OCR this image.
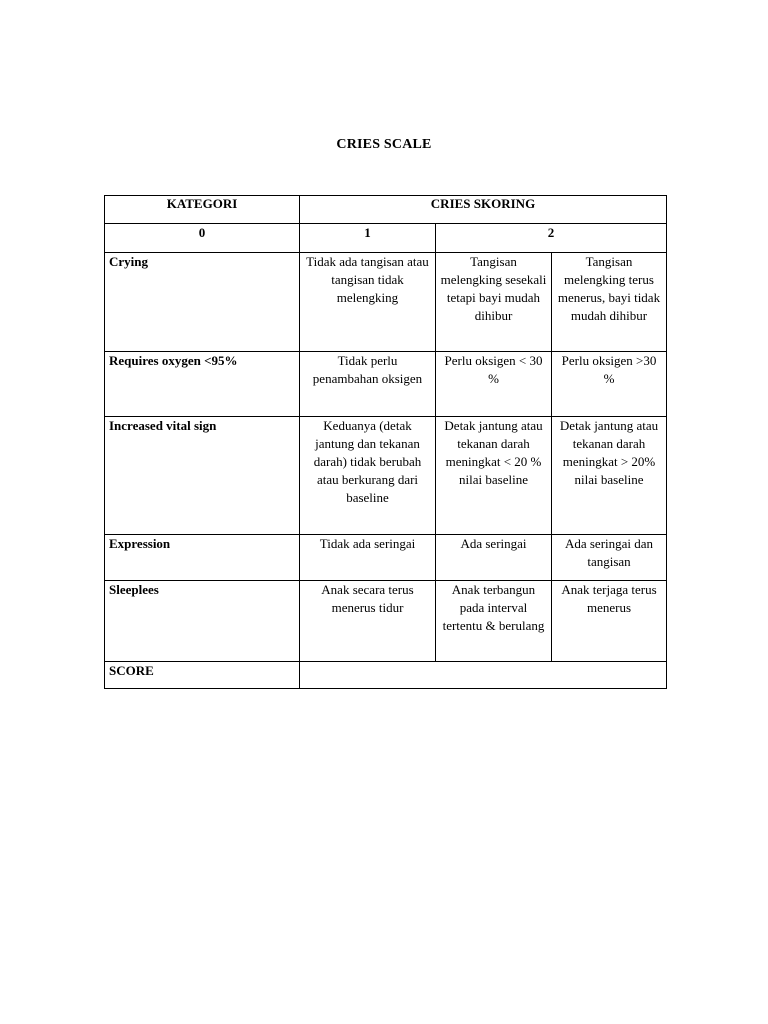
CRIES SCALE
KATEGORI	CRIES SKORING		
0	1	2	
Crying	Tidak ada tangisan atau tangisan tidak melengking	Tangisan melengking sesekali tetapi bayi mudah dihibur	Tangisan melengking terus menerus, bayi tidak mudah dihibur
Requires oxygen <95%	Tidak perlu penambahan oksigen	Perlu oksigen < 30 %	Perlu oksigen >30 %
Increased vital sign	Keduanya (detak jantung dan tekanan darah) tidak berubah atau berkurang dari baseline	Detak jantung atau tekanan darah meningkat < 20 % nilai baseline	Detak jantung atau tekanan darah meningkat > 20% nilai baseline
Expression	Tidak ada seringai	Ada seringai	Ada seringai dan tangisan
Sleeplees	Anak secara terus menerus tidur	Anak terbangun pada interval tertentu & berulang	Anak terjaga terus menerus
SCORE			
